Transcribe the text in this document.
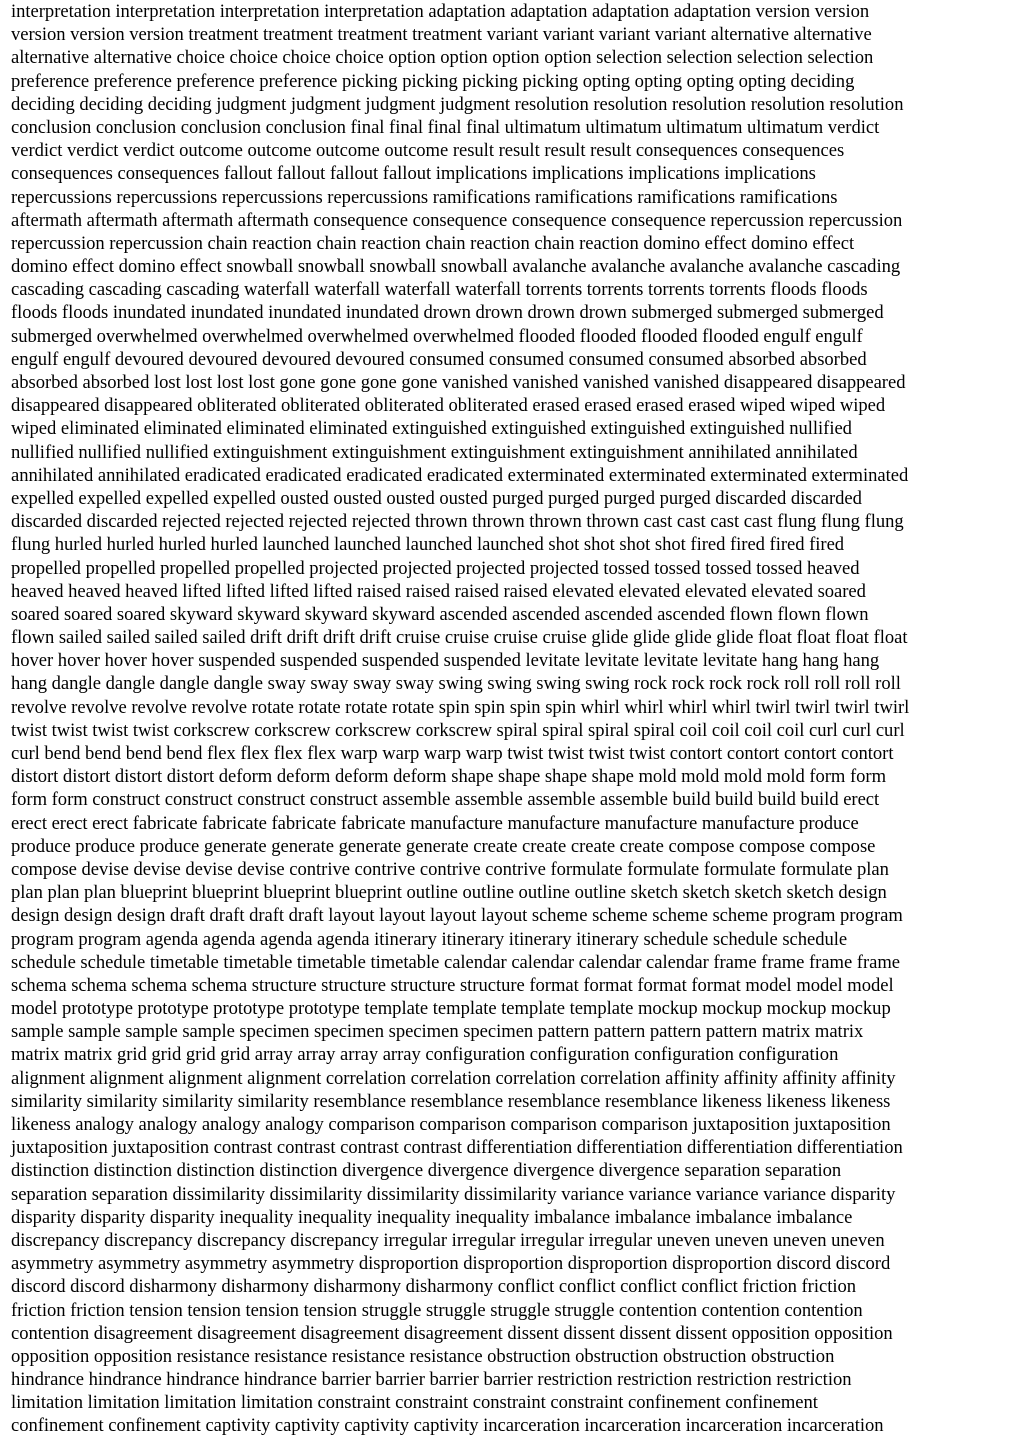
interpretation interpretation interpretation interpretation adaptation adaptation adaptation adaptation version version
version version version treatment treatment treatment treatment variant variant variant variant alternative alternative
alternative alternative choice choice choice choice option option option option selection selection selection selection
preference preference preference preference picking picking picking picking opting opting opting opting deciding
deciding deciding deciding judgment judgment judgment judgment resolution resolution resolution resolution resolution
conclusion conclusion conclusion conclusion final final final final ultimatum ultimatum ultimatum ultimatum verdict
verdict verdict verdict outcome outcome outcome outcome result result result result consequences consequences
consequences consequences fallout fallout fallout fallout implications implications implications implications
repercussions repercussions repercussions repercussions ramifications ramifications ramifications ramifications
aftermath aftermath aftermath aftermath consequence consequence consequence consequence repercussion repercussion
repercussion repercussion chain reaction chain reaction chain reaction chain reaction domino effect domino effect
domino effect domino effect snowball snowball snowball snowball avalanche avalanche avalanche avalanche cascading
cascading cascading cascading waterfall waterfall waterfall waterfall torrents torrents torrents torrents floods floods
floods floods inundated inundated inundated inundated drown drown drown drown submerged submerged submerged
submerged overwhelmed overwhelmed overwhelmed overwhelmed flooded flooded flooded flooded engulf engulf
engulf engulf devoured devoured devoured devoured consumed consumed consumed consumed absorbed absorbed
absorbed absorbed lost lost lost lost gone gone gone gone vanished vanished vanished vanished disappeared disappeared
disappeared disappeared obliterated obliterated obliterated obliterated erased erased erased erased wiped wiped wiped
wiped eliminated eliminated eliminated eliminated extinguished extinguished extinguished extinguished nullified
nullified nullified nullified extinguishment extinguishment extinguishment extinguishment annihilated annihilated
annihilated annihilated eradicated eradicated eradicated eradicated exterminated exterminated exterminated exterminated
expelled expelled expelled expelled ousted ousted ousted ousted purged purged purged purged discarded discarded
discarded discarded rejected rejected rejected rejected thrown thrown thrown thrown cast cast cast cast flung flung flung
flung hurled hurled hurled hurled launched launched launched launched shot shot shot shot fired fired fired fired
propelled propelled propelled propelled projected projected projected projected tossed tossed tossed tossed heaved
heaved heaved heaved lifted lifted lifted lifted raised raised raised raised elevated elevated elevated elevated soared
soared soared soared skyward skyward skyward skyward ascended ascended ascended ascended flown flown flown
flown sailed sailed sailed sailed drift drift drift drift cruise cruise cruise cruise glide glide glide glide float float float float
hover hover hover hover suspended suspended suspended suspended levitate levitate levitate levitate hang hang hang
hang dangle dangle dangle dangle sway sway sway sway swing swing swing swing rock rock rock rock roll roll roll roll
revolve revolve revolve revolve rotate rotate rotate rotate spin spin spin spin whirl whirl whirl whirl twirl twirl twirl twirl
twist twist twist twist corkscrew corkscrew corkscrew corkscrew spiral spiral spiral spiral coil coil coil coil curl curl curl
curl bend bend bend bend flex flex flex flex warp warp warp warp twist twist twist twist contort contort contort contort
distort distort distort distort deform deform deform deform shape shape shape shape mold mold mold mold form form
form form construct construct construct construct assemble assemble assemble assemble build build build build erect
erect erect erect fabricate fabricate fabricate fabricate manufacture manufacture manufacture manufacture produce
produce produce produce generate generate generate generate create create create create compose compose compose
compose devise devise devise devise contrive contrive contrive contrive formulate formulate formulate formulate plan
plan plan plan blueprint blueprint blueprint blueprint outline outline outline outline sketch sketch sketch sketch design
design design design draft draft draft draft layout layout layout layout scheme scheme scheme scheme program program
program program agenda agenda agenda agenda itinerary itinerary itinerary itinerary schedule schedule schedule
schedule schedule timetable timetable timetable timetable calendar calendar calendar calendar frame frame frame frame
schema schema schema schema structure structure structure structure format format format format model model model
model prototype prototype prototype prototype template template template template mockup mockup mockup mockup
sample sample sample sample specimen specimen specimen specimen pattern pattern pattern pattern matrix matrix
matrix matrix grid grid grid grid array array array array configuration configuration configuration configuration
alignment alignment alignment alignment correlation correlation correlation correlation affinity affinity affinity affinity
similarity similarity similarity similarity resemblance resemblance resemblance resemblance likeness likeness likeness
likeness analogy analogy analogy analogy comparison comparison comparison comparison juxtaposition juxtaposition
juxtaposition juxtaposition contrast contrast contrast contrast differentiation differentiation differentiation differentiation
distinction distinction distinction distinction divergence divergence divergence divergence separation separation
separation separation dissimilarity dissimilarity dissimilarity dissimilarity variance variance variance variance disparity
disparity disparity disparity inequality inequality inequality inequality imbalance imbalance imbalance imbalance
discrepancy discrepancy discrepancy discrepancy irregular irregular irregular irregular uneven uneven uneven uneven
asymmetry asymmetry asymmetry asymmetry disproportion disproportion disproportion disproportion discord discord
discord discord disharmony disharmony disharmony disharmony conflict conflict conflict conflict friction friction
friction friction tension tension tension tension struggle struggle struggle struggle contention contention contention
contention disagreement disagreement disagreement disagreement dissent dissent dissent dissent opposition opposition
opposition opposition resistance resistance resistance resistance obstruction obstruction obstruction obstruction
hindrance hindrance hindrance hindrance barrier barrier barrier barrier restriction restriction restriction restriction
limitation limitation limitation limitation constraint constraint constraint constraint confinement confinement
confinement confinement captivity captivity captivity captivity incarceration incarceration incarceration incarceration
